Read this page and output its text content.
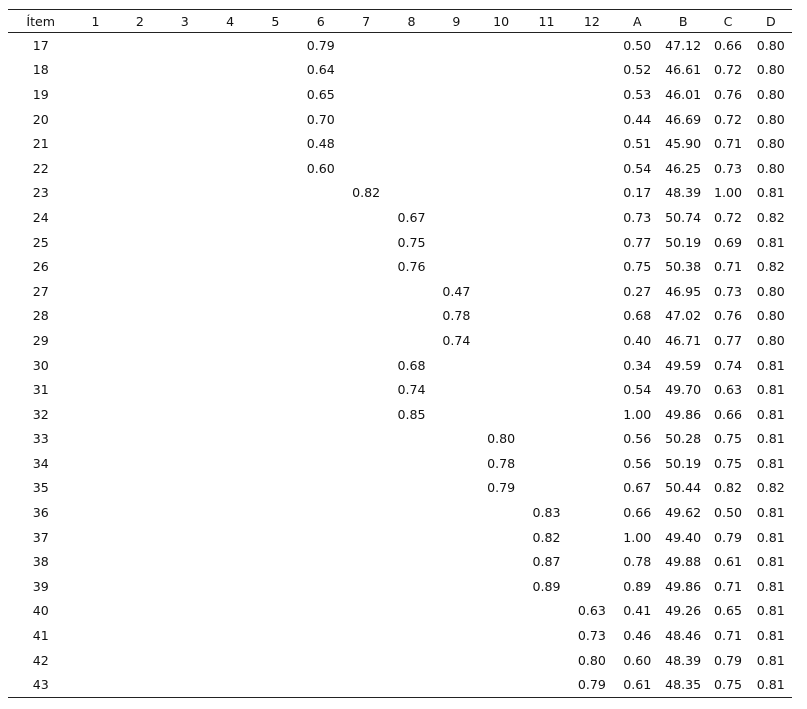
Ítem	1	2	3	4	5	6	7	8	9	10	11	12	A	B	C	D
17						0.79							0.50	47.12	0.66	0.80
18						0.64							0.52	46.61	0.72	0.80
19						0.65							0.53	46.01	0.76	0.80
20						0.70							0.44	46.69	0.72	0.80
21						0.48							0.51	45.90	0.71	0.80
22						0.60							0.54	46.25	0.73	0.80
23							0.82						0.17	48.39	1.00	0.81
24								0.67					0.73	50.74	0.72	0.82
25								0.75					0.77	50.19	0.69	0.81
26								0.76					0.75	50.38	0.71	0.82
27									0.47				0.27	46.95	0.73	0.80
28									0.78				0.68	47.02	0.76	0.80
29									0.74				0.40	46.71	0.77	0.80
30								0.68					0.34	49.59	0.74	0.81
31								0.74					0.54	49.70	0.63	0.81
32								0.85					1.00	49.86	0.66	0.81
33										0.80			0.56	50.28	0.75	0.81
34										0.78			0.56	50.19	0.75	0.81
35										0.79			0.67	50.44	0.82	0.82
36											0.83		0.66	49.62	0.50	0.81
37											0.82		1.00	49.40	0.79	0.81
38											0.87		0.78	49.88	0.61	0.81
39											0.89		0.89	49.86	0.71	0.81
40												0.63	0.41	49.26	0.65	0.81
41												0.73	0.46	48.46	0.71	0.81
42												0.80	0.60	48.39	0.79	0.81
43												0.79	0.61	48.35	0.75	0.81
